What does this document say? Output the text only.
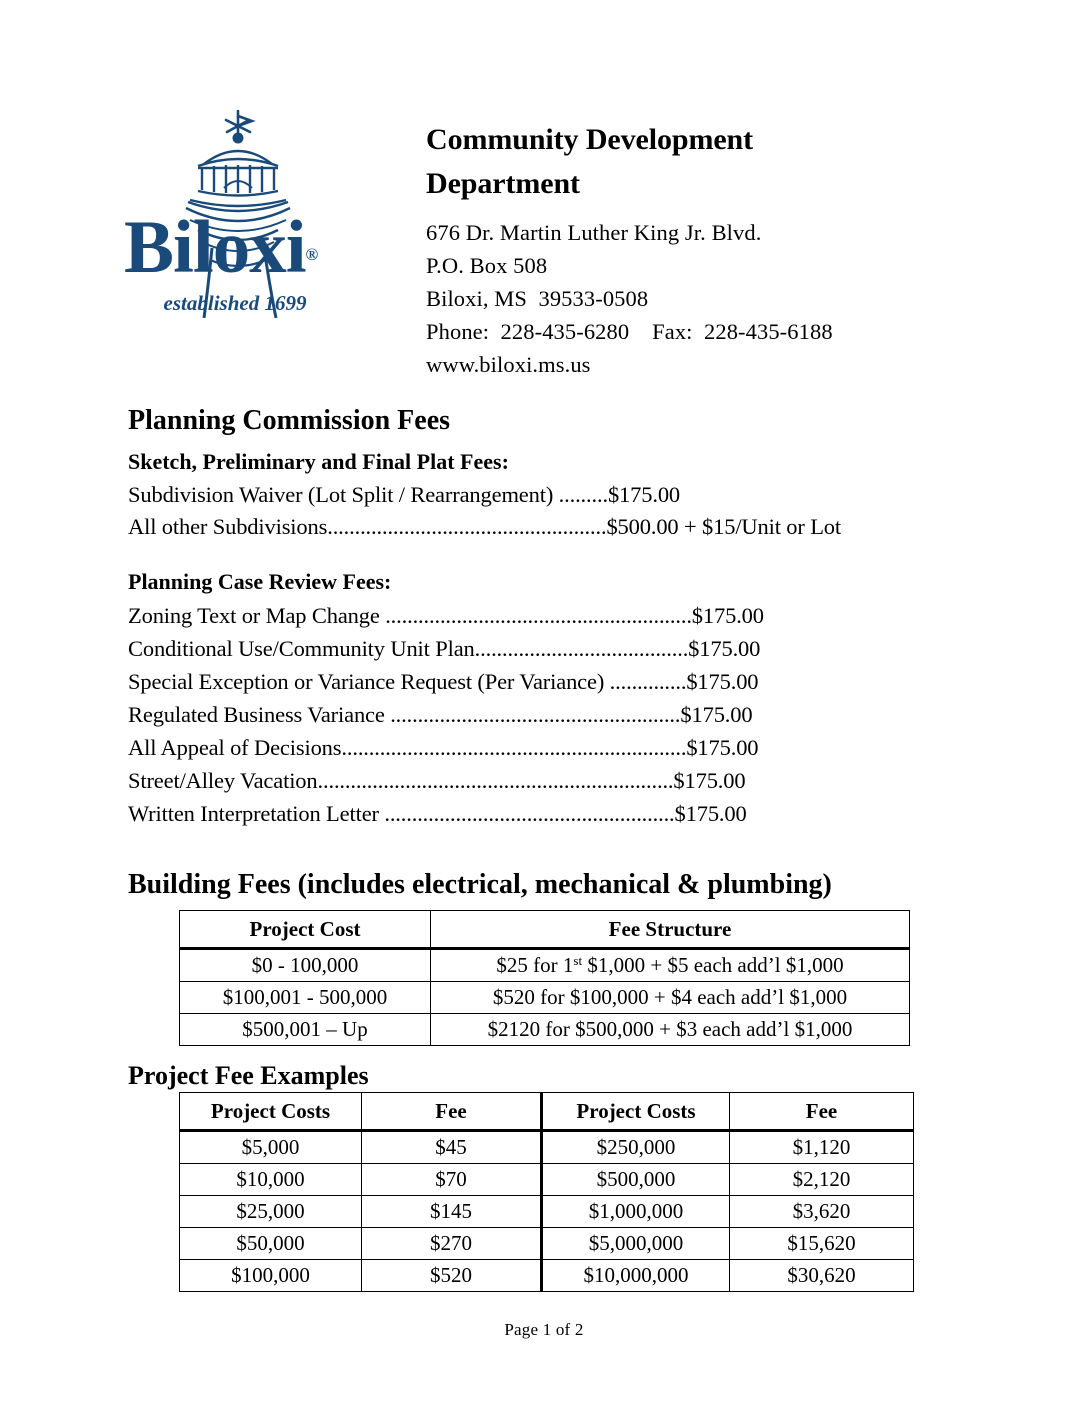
Biloxi®
established 1699
Community Development
Department
676 Dr. Martin Luther King Jr. Blvd.
P.O. Box 508
Biloxi, MS  39533-0508
Phone:  228-435-6280    Fax:  228-435-6188
www.biloxi.ms.us
Planning Commission Fees
Sketch, Preliminary and Final Plat Fees:
Subdivision Waiver (Lot Split / Rearrangement) .........$175.00
All other Subdivisions...................................................$500.00 + $15/Unit or Lot
Planning Case Review Fees:
Zoning Text or Map Change ........................................................$175.00
Conditional Use/Community Unit Plan.......................................$175.00
Special Exception or Variance Request (Per Variance) ..............$175.00
Regulated Business Variance .....................................................$175.00
All Appeal of Decisions...............................................................$175.00
Street/Alley Vacation.................................................................$175.00
Written Interpretation Letter .....................................................$175.00
Building Fees (includes electrical, mechanical & plumbing)
Project Cost	Fee Structure
$0 - 100,000	$25 for 1st $1,000 + $5 each add’l $1,000
$100,001 - 500,000	$520 for $100,000 + $4 each add’l $1,000
$500,001 – Up	$2120 for $500,000 + $3 each add’l $1,000
Project Fee Examples
Project Costs	Fee	Project Costs	Fee
$5,000	$45	$250,000	$1,120
$10,000	$70	$500,000	$2,120
$25,000	$145	$1,000,000	$3,620
$50,000	$270	$5,000,000	$15,620
$100,000	$520	$10,000,000	$30,620
Page 1 of 2
